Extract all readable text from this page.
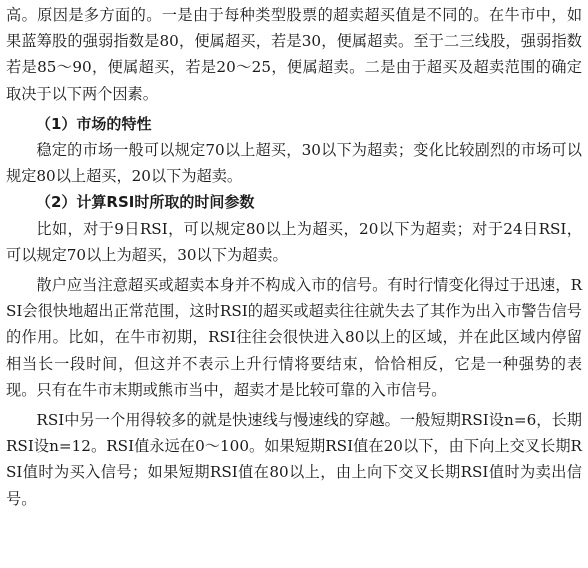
高。原因是多方面的。一是由于每种类型股票的超卖超买值是不同的。在牛市中，如果蓝筹股的强弱指数是80，便属超买，若是30，便属超卖。至于二三线股，强弱指数若是85～90，便属超买，若是20～25，便属超卖。二是由于超买及超卖范围的确定取决于以下两个因素。

（1）市场的特性

稳定的市场一般可以规定70以上超买，30以下为超卖；变化比较剧烈的市场可以规定80以上超买，20以下为超卖。

（2）计算RSI时所取的时间参数

比如，对于9日RSI，可以规定80以上为超买，20以下为超卖；对于24日RSI，可以规定70以上为超买，30以下为超卖。

散户应当注意超买或超卖本身并不构成入市的信号。有时行情变化得过于迅速，RSI会很快地超出正常范围，这时RSI的超买或超卖往往就失去了其作为出入市警告信号的作用。比如，在牛市初期，RSI往往会很快进入80以上的区域，并在此区域内停留相当长一段时间，但这并不表示上升行情将要结束，恰恰相反，它是一种强势的表现。只有在牛市末期或熊市当中，超卖才是比较可靠的入市信号。

RSI中另一个用得较多的就是快速线与慢速线的穿越。一般短期RSI设n=6，长期RSI设n=12。RSI值永远在0～100。如果短期RSI值在20以下，由下向上交叉长期RSI值时为买入信号；如果短期RSI值在80以上，由上向下交叉长期RSI值时为卖出信号。
